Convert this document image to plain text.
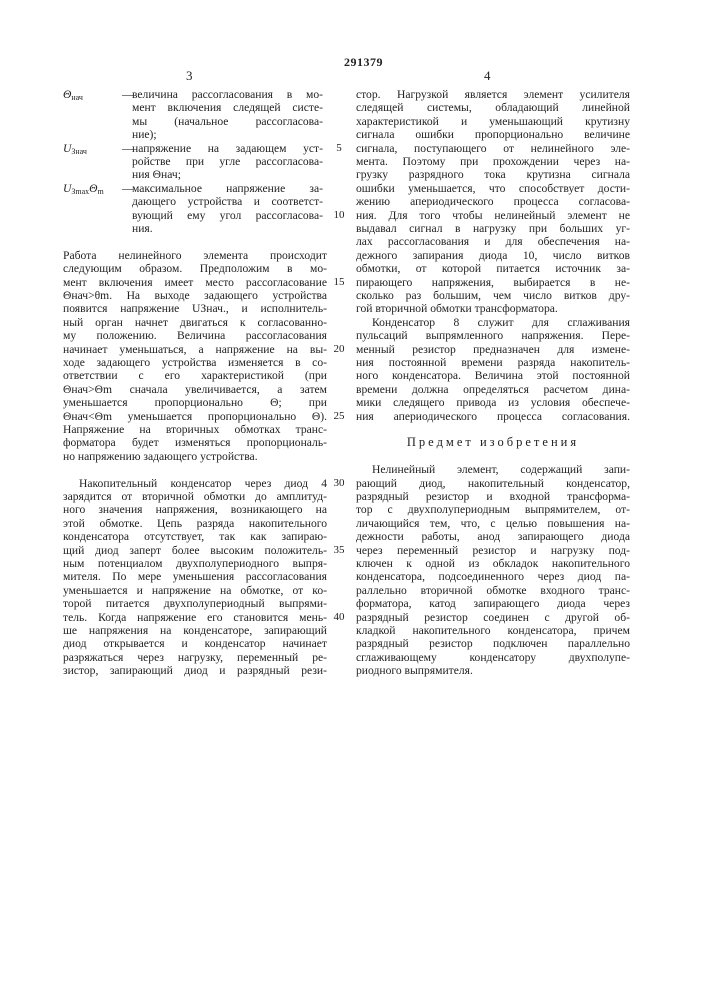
291379
3	4
Θнач	—
величина рассогласования в мо-
мент включения следящей систе-
мы (начальное рассогласова-
ние);
UЗнач	—
напряжение на задающем уст-
ройстве при угле рассогласова-
ния Θнач;
UЗmaxΘm —
максимальное напряжение за-
дающего устройства и соответст-
вующий ему угол рассогласова-
ния.
Работа нелинейного элемента происходит
следующим образом. Предположим в мо-
мент включения имеет место рассогласование
Θнач>θm. На выходе задающего устройства
появится напряжение UЗнач., и исполнитель-
ный орган начнет двигаться к согласованно-
му положению. Величина рассогласования
начинает уменьшаться, а напряжение на вы-
ходе задающего устройства изменяется в со-
ответствии с его характеристикой (при
Θнач>Θm сначала увеличивается, а затем
уменьшается пропорционально Θ; при
Θнач<Θm уменьшается пропорционально Θ).
Напряжение на вторичных обмотках транс-
форматора будет изменяться пропорциональ-
но напряжению задающего устройства.
Накопительный конденсатор через диод 4
зарядится от вторичной обмотки до амплитуд-
ного значения напряжения, возникающего на
этой обмотке. Цепь разряда накопительного
конденсатора отсутствует, так как запираю-
щий диод заперт более высоким положитель-
ным потенциалом двухполупериодного выпря-
мителя. По мере уменьшения рассогласования
уменьшается и напряжение на обмотке, от ко-
торой питается двухполупериодный выпрями-
тель. Когда напряжение его становится мень-
ше напряжения на конденсаторе, запирающий
диод открывается и конденсатор начинает
разряжаться через нагрузку, переменный ре-
зистор, запирающий диод и разрядный рези-
стор. Нагрузкой является элемент усилителя
следящей системы, обладающий линейной
характеристикой и уменьшающий крутизну
сигнала ошибки пропорционально величине
сигнала, поступающего от нелинейного эле-
мента. Поэтому при прохождении через на-
грузку разрядного тока крутизна сигнала
ошибки уменьшается, что способствует дости-
жению апериодического процесса согласова-
ния. Для того чтобы нелинейный элемент не
выдавал сигнал в нагрузку при больших уг-
лах рассогласования и для обеспечения на-
дежного запирания диода 10, число витков
обмотки, от которой питается источник за-
пирающего напряжения, выбирается в не-
сколько раз большим, чем число витков дру-
гой вторичной обмотки трансформатора.
Конденсатор 8 служит для сглаживания
пульсаций выпрямленного напряжения. Пере-
менный резистор предназначен для измене-
ния постоянной времени разряда накопитель-
ного конденсатора. Величина этой постоянной
времени должна определяться расчетом дина-
мики следящего привода из условия обеспече-
ния апериодического процесса согласования.
Нелинейный элемент, содержащий запи-
рающий диод, накопительный конденсатор,
разрядный резистор и входной трансформа-
тор с двухполупериодным выпрямителем, от-
личающийся тем, что, с целью повышения на-
дежности работы, анод запирающего диода
через переменный резистор и нагрузку под-
ключен к одной из обкладок накопительного
конденсатора, подсоединенного через диод па-
раллельно вторичной обмотке входного транс-
форматора, катод запирающего диода через
разрядный резистор соединен с другой об-
кладкой накопительного конденсатора, причем
разрядный резистор подключен параллельно
сглаживающему конденсатору двухполупе-
риодного выпрямителя.
Предмет изобретения
5
10
15
20
25
30
35
40
